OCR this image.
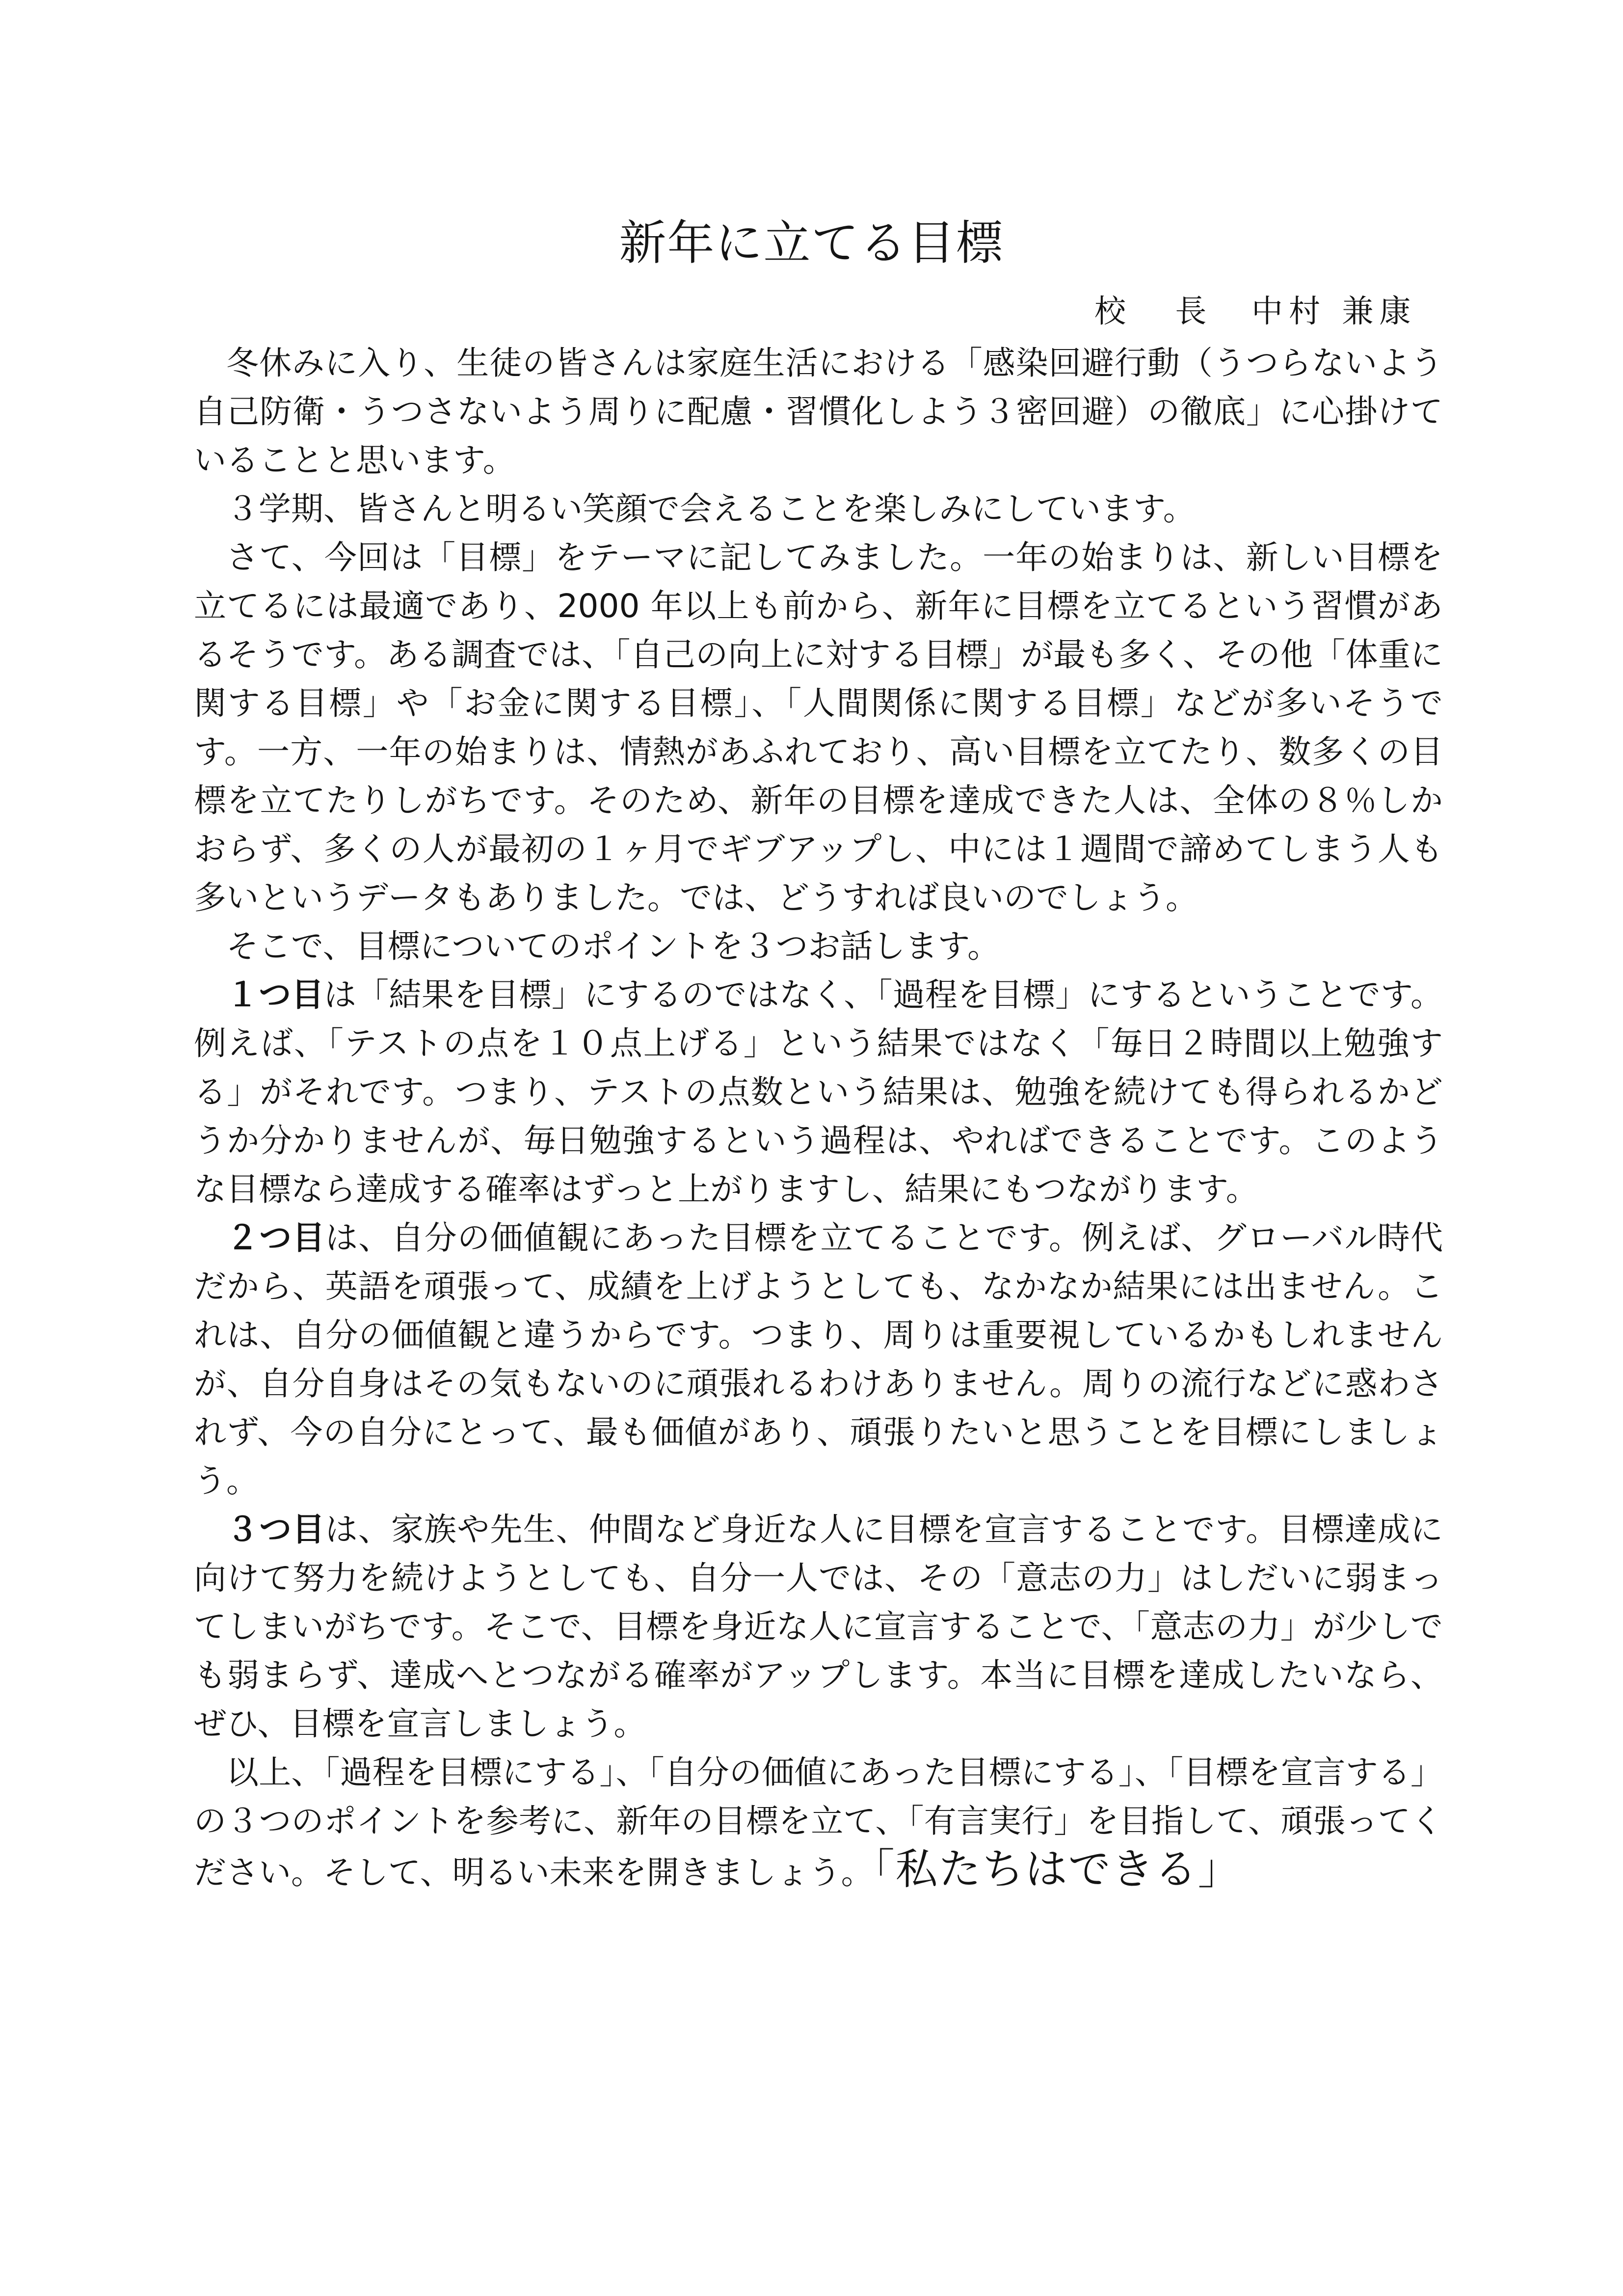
新年に立てる目標
校 長 中村 兼康

冬休みに入り、生徒の皆さんは家庭生活における「感染回避行動（うつらないよう自己防衛・うつさないよう周りに配慮・習慣化しよう３密回避）の徹底」に心掛けていることと思います。

３学期、皆さんと明るい笑顔で会えることを楽しみにしています。

さて、今回は「目標」をテーマに記してみました。一年の始まりは、新しい目標を立てるには最適であり、2000 年以上も前から、新年に目標を立てるという習慣があるそうです。ある調査では、「自己の向上に対する目標」が最も多く、その他「体重に関する目標」や「お金に関する目標」、「人間関係に関する目標」などが多いそうです。一方、一年の始まりは、情熱があふれており、高い目標を立てたり、数多くの目標を立てたりしがちです。そのため、新年の目標を達成できた人は、全体の８％しかおらず、多くの人が最初の１ヶ月でギブアップし、中には１週間で諦めてしまう人も多いというデータもありました。では、どうすれば良いのでしょう。

そこで、目標についてのポイントを３つお話します。

１つ目は「結果を目標」にするのではなく、「過程を目標」にするということです。例えば、「テストの点を１０点上げる」という結果ではなく「毎日２時間以上勉強する」がそれです。つまり、テストの点数という結果は、勉強を続けても得られるかどうか分かりませんが、毎日勉強するという過程は、やればできることです。このような目標なら達成する確率はずっと上がりますし、結果にもつながります。

２つ目は、自分の価値観にあった目標を立てることです。例えば、グローバル時代だから、英語を頑張って、成績を上げようとしても、なかなか結果には出ません。これは、自分の価値観と違うからです。つまり、周りは重要視しているかもしれませんが、自分自身はその気もないのに頑張れるわけありません。周りの流行などに惑わされず、今の自分にとって、最も価値があり、頑張りたいと思うことを目標にしましょう。

３つ目は、家族や先生、仲間など身近な人に目標を宣言することです。目標達成に向けて努力を続けようとしても、自分一人では、その「意志の力」はしだいに弱まってしまいがちです。そこで、目標を身近な人に宣言することで、「意志の力」が少しでも弱まらず、達成へとつながる確率がアップします。本当に目標を達成したいなら、ぜひ、目標を宣言しましょう。

以上、「過程を目標にする」、「自分の価値にあった目標にする」、「目標を宣言する」の３つのポイントを参考に、新年の目標を立て、「有言実行」を目指して、頑張ってください。そして、明るい未来を開きましょう。「私たちはできる」
